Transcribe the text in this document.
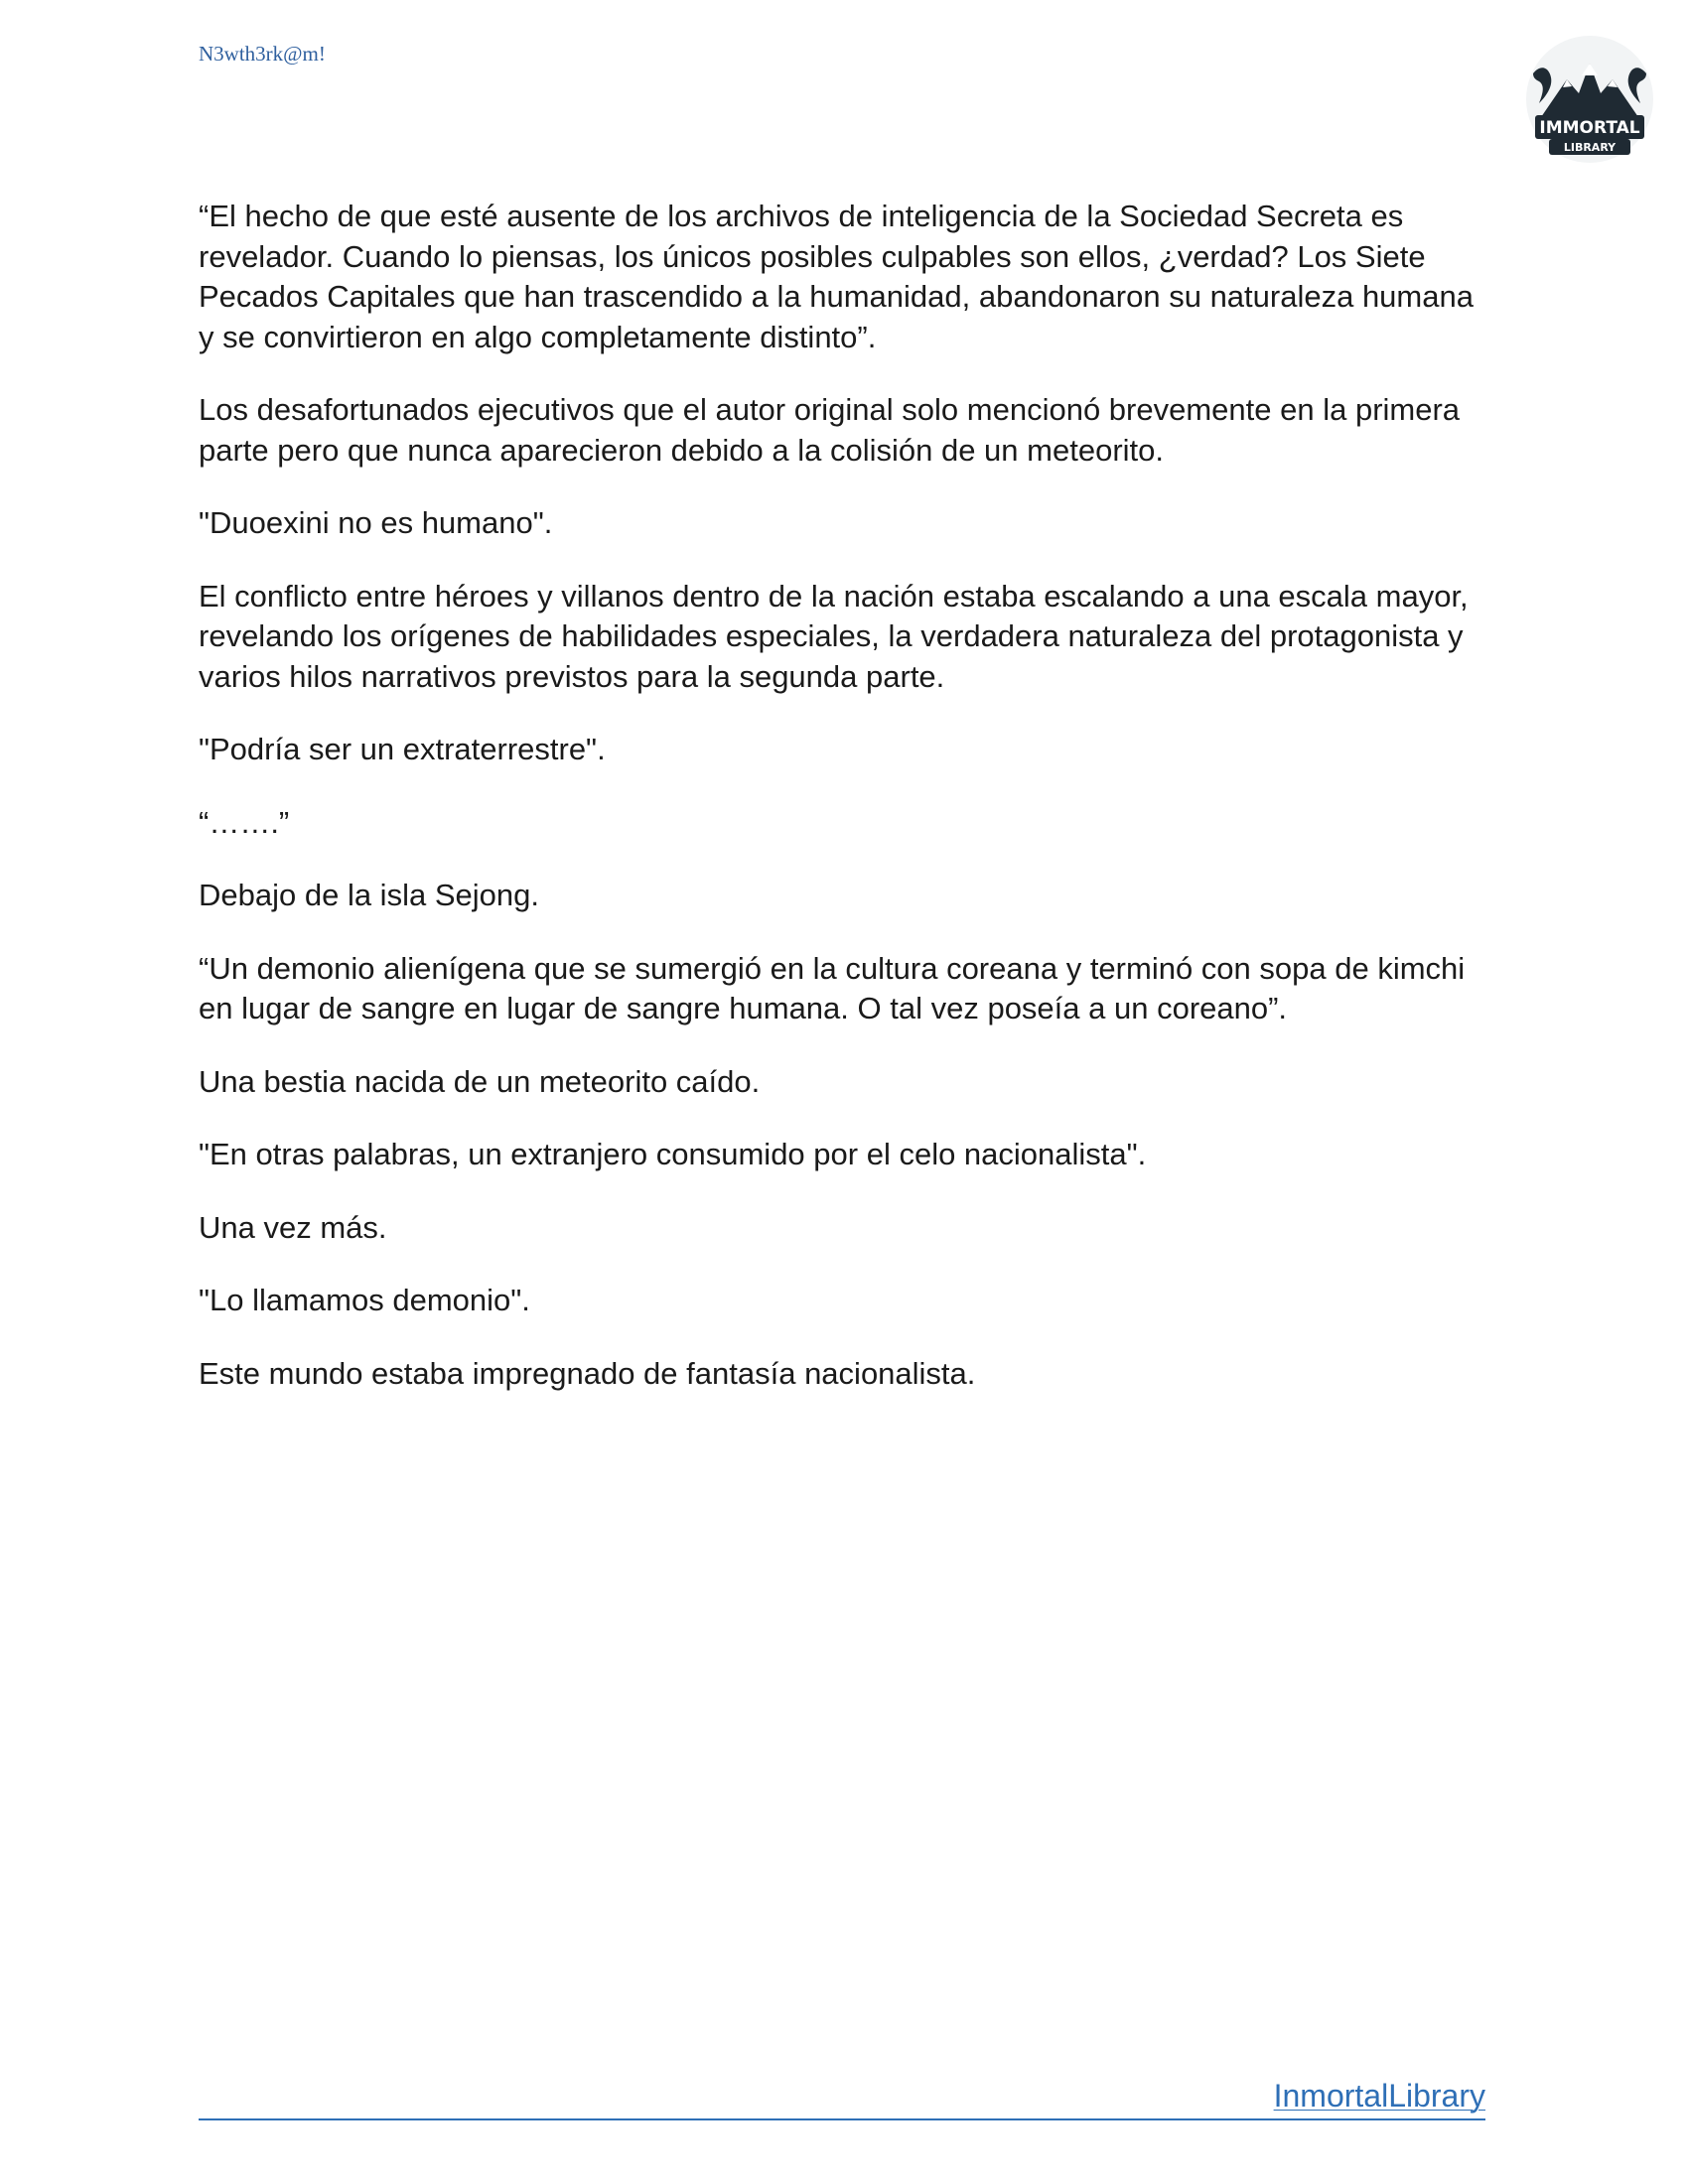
N3wth3rk@m!
IMMORTAL
LIBRARY

“El hecho de que esté ausente de los archivos de inteligencia de la Sociedad Secreta es revelador. Cuando lo piensas, los únicos posibles culpables son ellos, ¿verdad? Los Siete Pecados Capitales que han trascendido a la humanidad, abandonaron su naturaleza humana y se convirtieron en algo completamente distinto”.

Los desafortunados ejecutivos que el autor original solo mencionó brevemente en la primera parte pero que nunca aparecieron debido a la colisión de un meteorito.

"Duoexini no es humano".

El conflicto entre héroes y villanos dentro de la nación estaba escalando a una escala mayor, revelando los orígenes de habilidades especiales, la verdadera naturaleza del protagonista y varios hilos narrativos previstos para la segunda parte.

"Podría ser un extraterrestre".

“…….”

Debajo de la isla Sejong.

“Un demonio alienígena que se sumergió en la cultura coreana y terminó con sopa de kimchi en lugar de sangre en lugar de sangre humana. O tal vez poseía a un coreano”.

Una bestia nacida de un meteorito caído.

"En otras palabras, un extranjero consumido por el celo nacionalista".

Una vez más.

"Lo llamamos demonio".

Este mundo estaba impregnado de fantasía nacionalista.

InmortalLibrary
